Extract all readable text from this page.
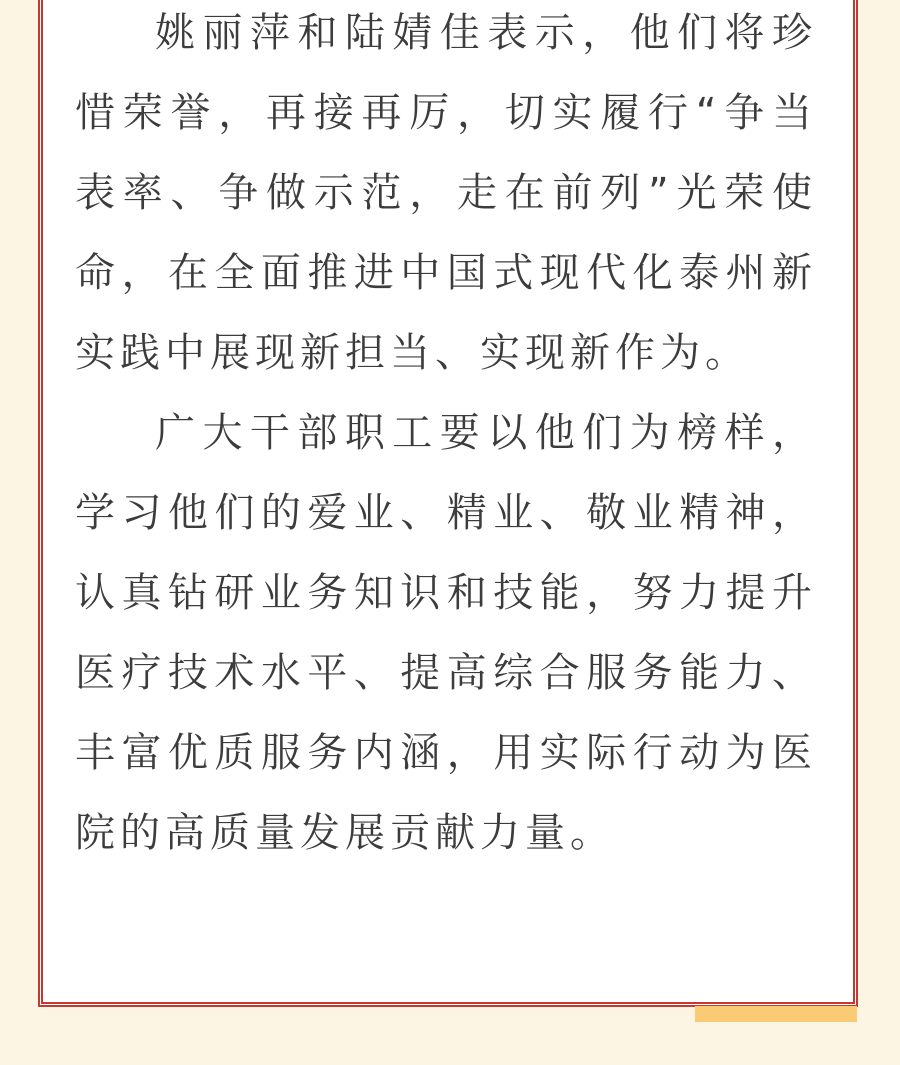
姚丽萍和陆婧佳表示，他们将珍惜荣誉，再接再厉，切实履行“争当表率、争做示范，走在前列”光荣使命，在全面推进中国式现代化泰州新实践中展现新担当、实现新作为。

广大干部职工要以他们为榜样，学习他们的爱业、精业、敬业精神，认真钻研业务知识和技能，努力提升医疗技术水平、提高综合服务能力、丰富优质服务内涵，用实际行动为医院的高质量发展贡献力量。
